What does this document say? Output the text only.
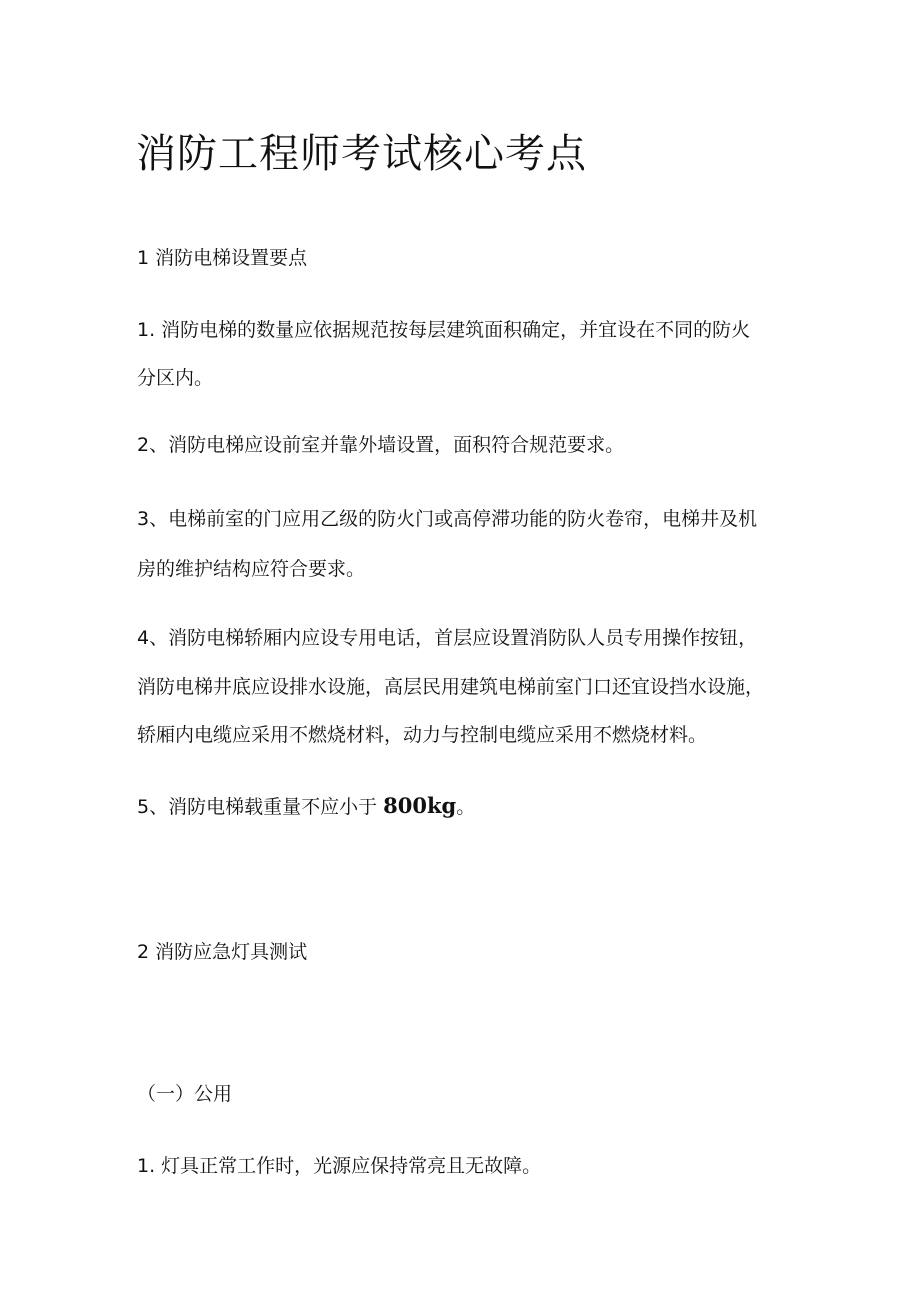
消防工程师考试核心考点

1 消防电梯设置要点

1. 消防电梯的数量应依据规范按每层建筑面积确定，并宜设在不同的防火

分区内。

2、消防电梯应设前室并靠外墙设置，面积符合规范要求。

3、电梯前室的门应用乙级的防火门或高停滞功能的防火卷帘，电梯井及机

房的维护结构应符合要求。

4、消防电梯轿厢内应设专用电话，首层应设置消防队人员专用操作按钮，

消防电梯井底应设排水设施，高层民用建筑电梯前室门口还宜设挡水设施，

轿厢内电缆应采用不燃烧材料，动力与控制电缆应采用不燃烧材料。

5、消防电梯载重量不应小于 800kg。

2 消防应急灯具测试

（一）公用

1. 灯具正常工作时，光源应保持常亮且无故障。
